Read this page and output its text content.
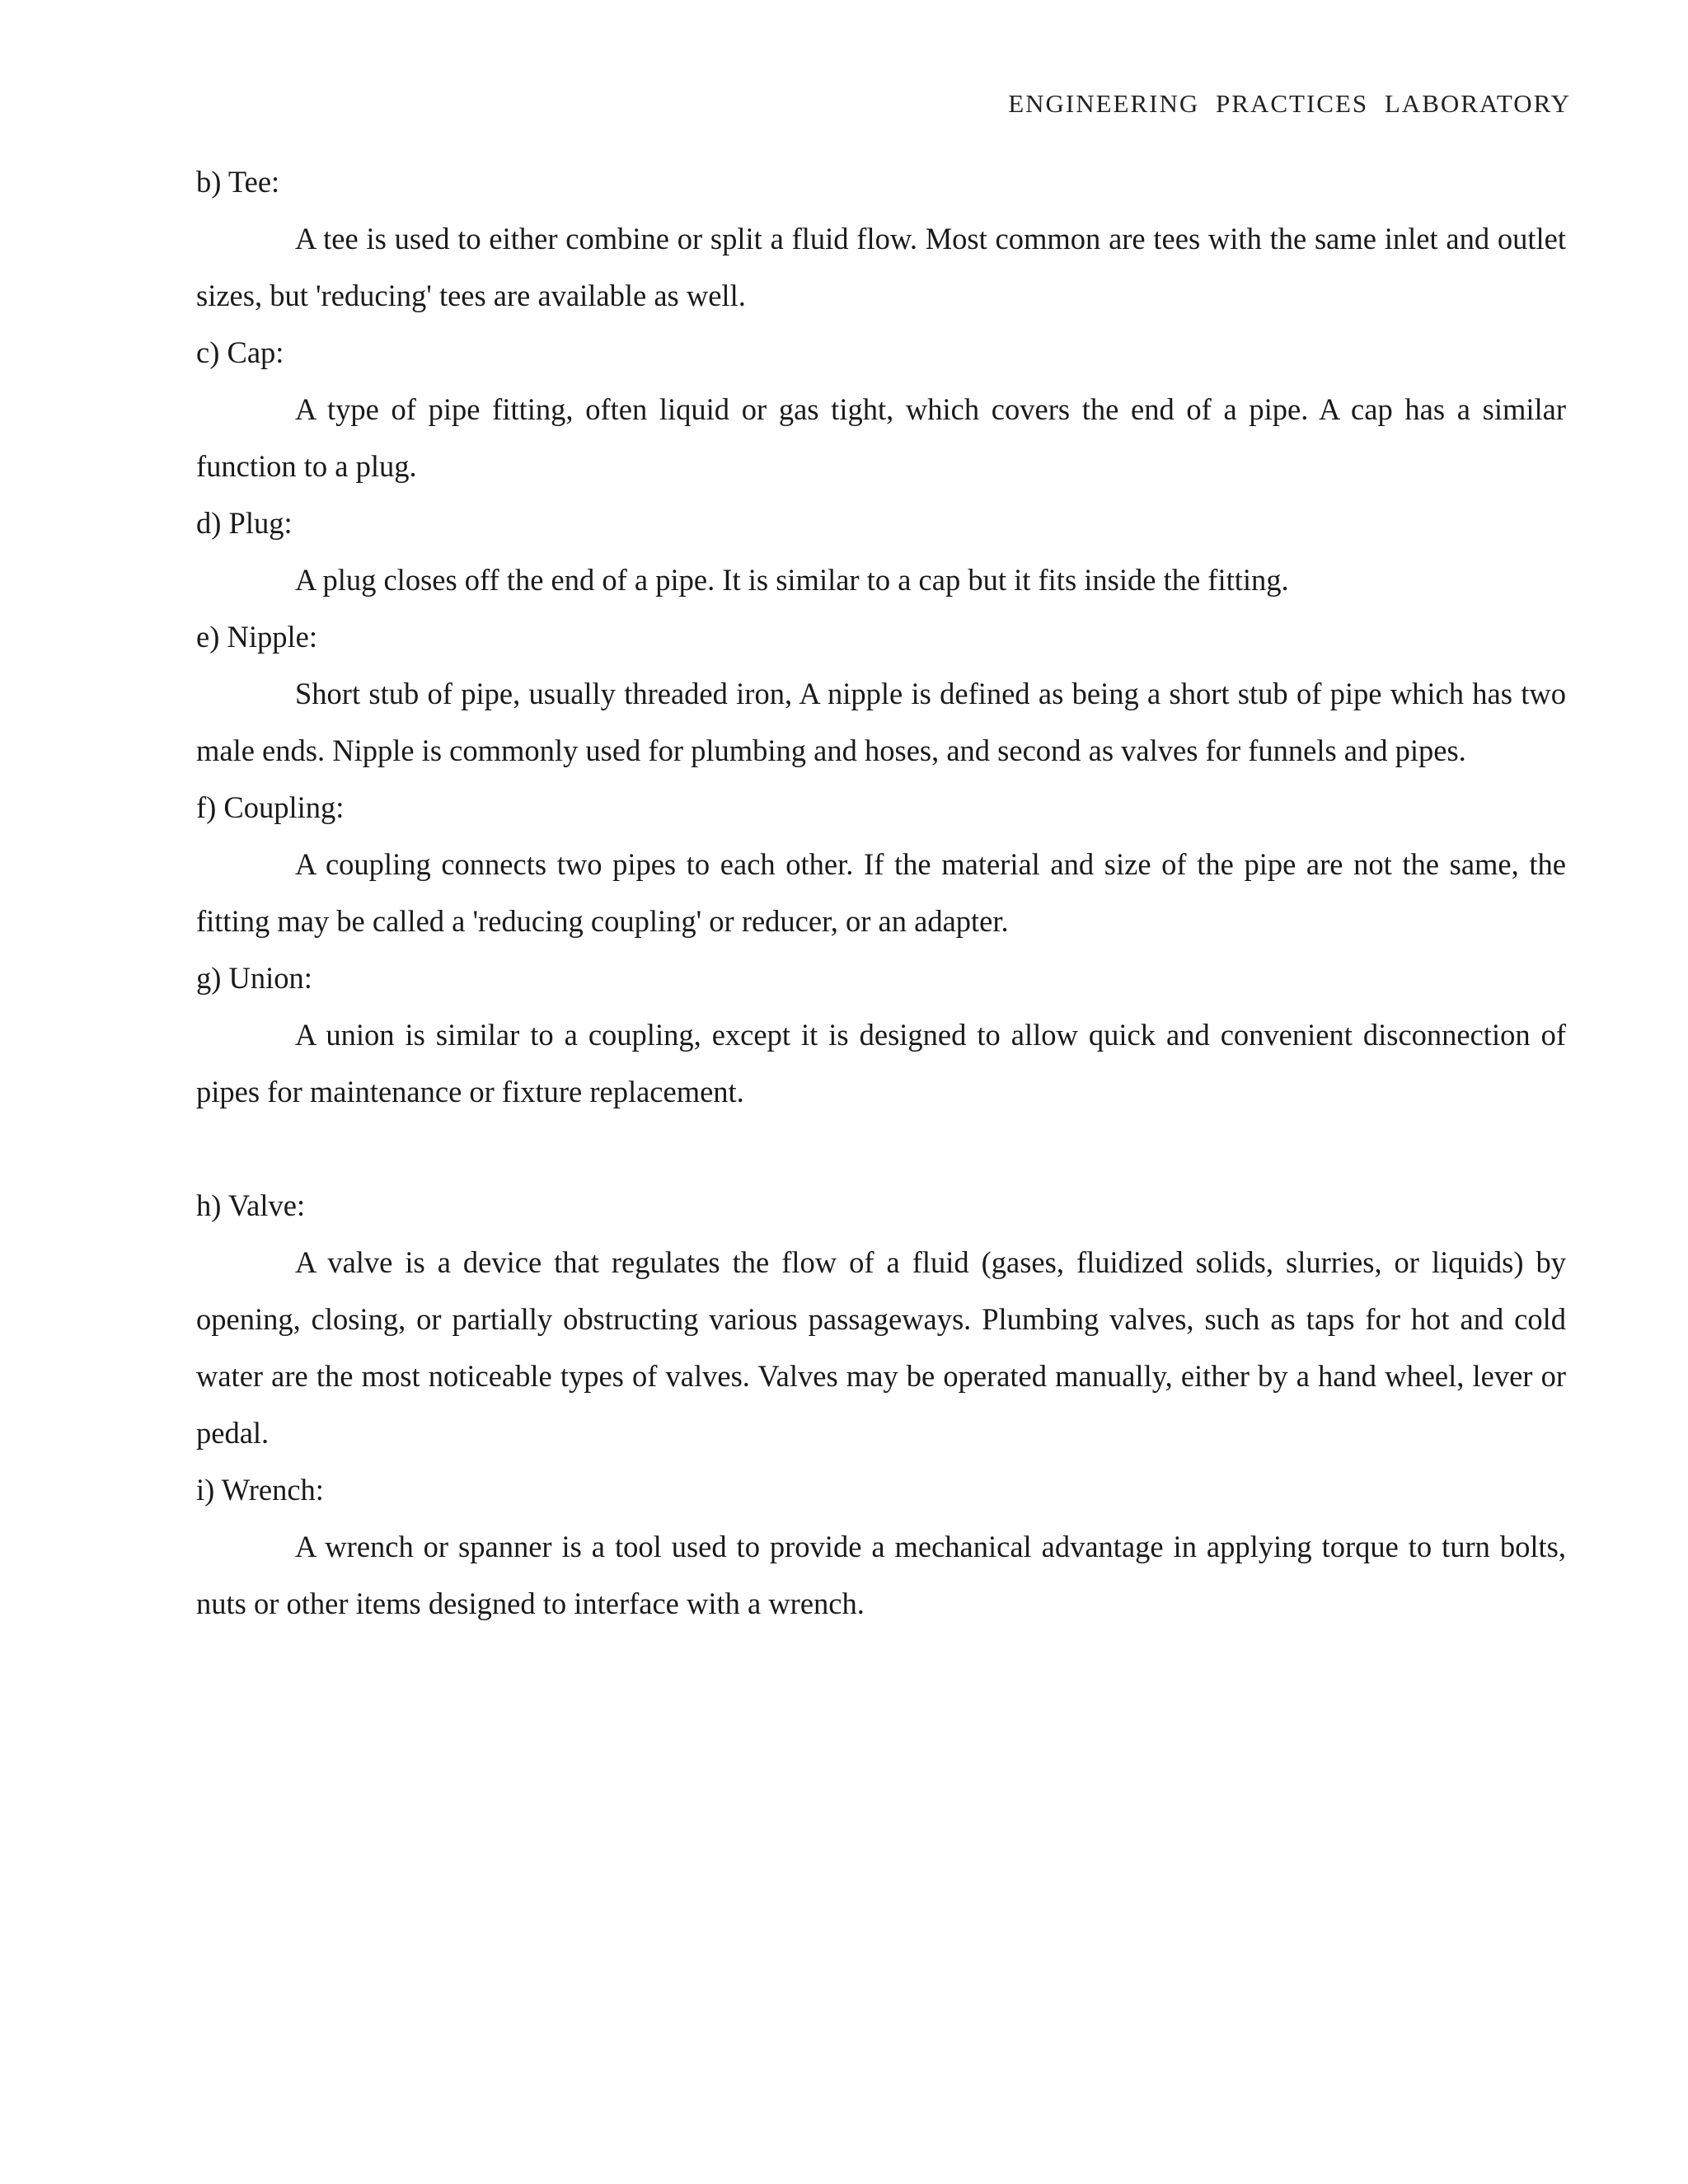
ENGINEERING PRACTICES LABORATORY

b) Tee:

A tee is used to either combine or split a fluid flow. Most common are tees with the same inlet and outlet sizes, but 'reducing' tees are available as well.

c) Cap:

A type of pipe fitting, often liquid or gas tight, which covers the end of a pipe. A cap has a similar function to a plug.

d) Plug:

A plug closes off the end of a pipe. It is similar to a cap but it fits inside the fitting.

e) Nipple:

Short stub of pipe, usually threaded iron, A nipple is defined as being a short stub of pipe which has two male ends. Nipple is commonly used for plumbing and hoses, and second as valves for funnels and pipes.

f) Coupling:

A coupling connects two pipes to each other. If the material and size of the pipe are not the same, the fitting may be called a 'reducing coupling' or reducer, or an adapter.

g) Union:

A union is similar to a coupling, except it is designed to allow quick and convenient disconnection of pipes for maintenance or fixture replacement.

h) Valve:

A valve is a device that regulates the flow of a fluid (gases, fluidized solids, slurries, or liquids) by opening, closing, or partially obstructing various passageways. Plumbing valves, such as taps for hot and cold water are the most noticeable types of valves. Valves may be operated manually, either by a hand wheel, lever or pedal.

i) Wrench:

A wrench or spanner is a tool used to provide a mechanical advantage in applying torque to turn bolts, nuts or other items designed to interface with a wrench.
